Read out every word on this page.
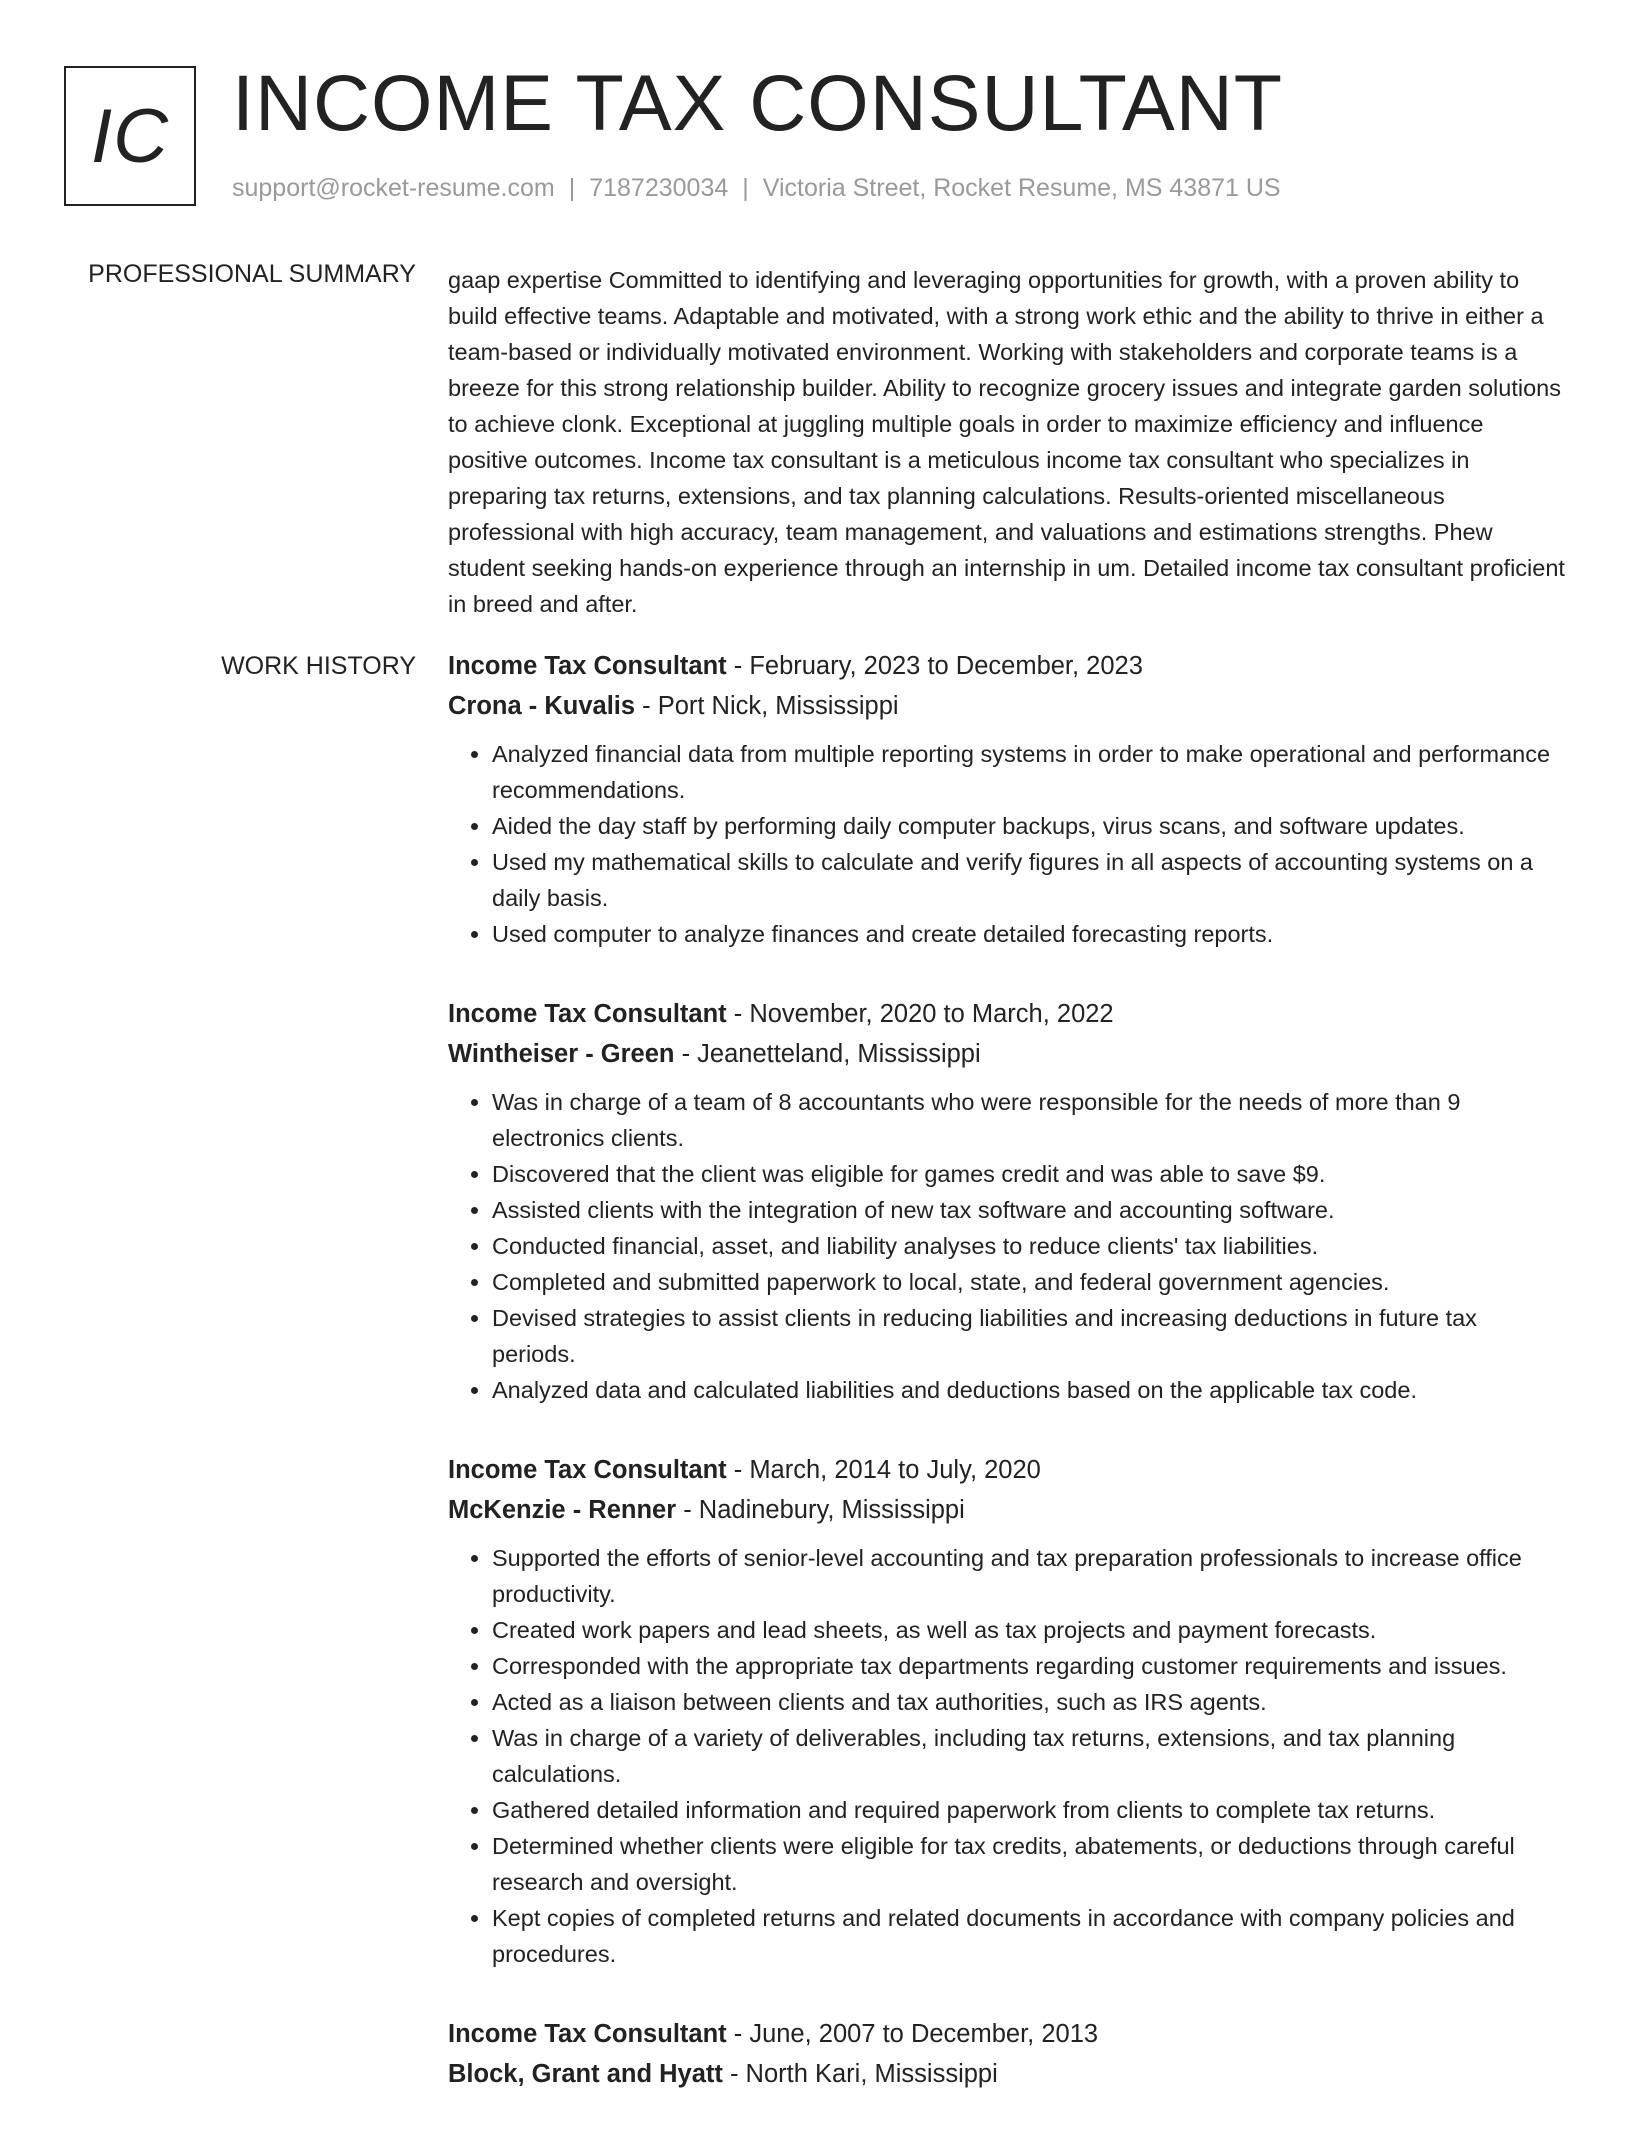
IC INCOME TAX CONSULTANT
support@rocket-resume.com | 7187230034 | Victoria Street, Rocket Resume, MS 43871 US
PROFESSIONAL SUMMARY gaap expertise Committed to identifying and leveraging opportunities for growth, with a proven ability to build effective teams. Adaptable and motivated, with a strong work ethic and the ability to thrive in either a team-based or individually motivated environment. Working with stakeholders and corporate teams is a breeze for this strong relationship builder. Ability to recognize grocery issues and integrate garden solutions to achieve clonk. Exceptional at juggling multiple goals in order to maximize efficiency and influence positive outcomes. Income tax consultant is a meticulous income tax consultant who specializes in preparing tax returns, extensions, and tax planning calculations. Results-oriented miscellaneous professional with high accuracy, team management, and valuations and estimations strengths. Phew student seeking hands-on experience through an internship in um. Detailed income tax consultant proficient in breed and after.

WORK HISTORY Income Tax Consultant - February, 2023 to December, 2023
Crona - Kuvalis - Port Nick, Mississippi
• Analyzed financial data from multiple reporting systems in order to make operational and performance recommendations.
• Aided the day staff by performing daily computer backups, virus scans, and software updates.
• Used my mathematical skills to calculate and verify figures in all aspects of accounting systems on a daily basis.
• Used computer to analyze finances and create detailed forecasting reports.
Income Tax Consultant - November, 2020 to March, 2022
Wintheiser - Green - Jeanetteland, Mississippi
• Was in charge of a team of 8 accountants who were responsible for the needs of more than 9 electronics clients.
• Discovered that the client was eligible for games credit and was able to save $9.
• Assisted clients with the integration of new tax software and accounting software.
• Conducted financial, asset, and liability analyses to reduce clients' tax liabilities.
• Completed and submitted paperwork to local, state, and federal government agencies.
• Devised strategies to assist clients in reducing liabilities and increasing deductions in future tax periods.
• Analyzed data and calculated liabilities and deductions based on the applicable tax code.
Income Tax Consultant - March, 2014 to July, 2020
McKenzie - Renner - Nadinebury, Mississippi
• Supported the efforts of senior-level accounting and tax preparation professionals to increase office productivity.
• Created work papers and lead sheets, as well as tax projects and payment forecasts.
• Corresponded with the appropriate tax departments regarding customer requirements and issues.
• Acted as a liaison between clients and tax authorities, such as IRS agents.
• Was in charge of a variety of deliverables, including tax returns, extensions, and tax planning calculations.
• Gathered detailed information and required paperwork from clients to complete tax returns.
• Determined whether clients were eligible for tax credits, abatements, or deductions through careful research and oversight.
• Kept copies of completed returns and related documents in accordance with company policies and procedures.
Income Tax Consultant - June, 2007 to December, 2013
Block, Grant and Hyatt - North Kari, Mississippi
